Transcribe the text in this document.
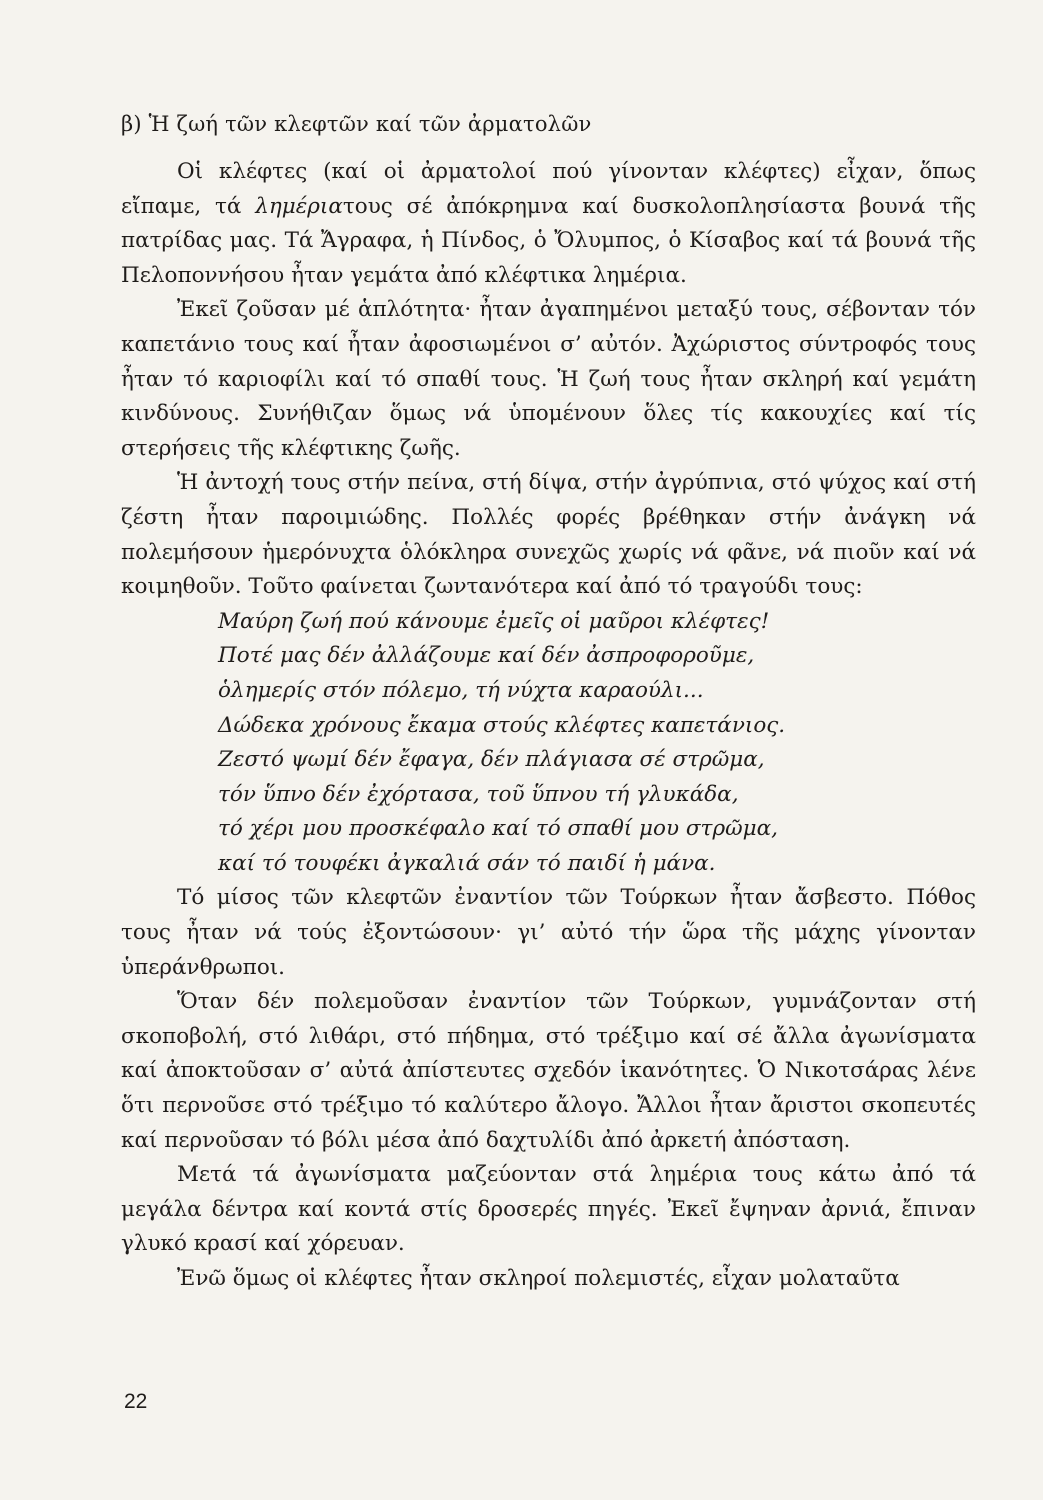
β) Ἡ ζωή τῶν κλεφτῶν καί τῶν ἀρματολῶν

Οἱ κλέφτες (καί οἱ ἀρματολοί πού γίνονταν κλέφτες) εἶχαν, ὅπως εἴπαμε, τά λημέριατους σέ ἀπόκρημνα καί δυσκολοπλησίαστα βουνά τῆς πατρίδας μας. Τά Ἄγραφα, ἡ Πίνδος, ὁ Ὄλυμπος, ὁ Κίσαβος καί τά βουνά τῆς Πελοποννήσου ἦταν γεμάτα ἀπό κλέφτικα λημέρια.

Ἐκεῖ ζοῦσαν μέ ἁπλότητα· ἦταν ἀγαπημένοι μεταξύ τους, σέβονταν τόν καπετάνιο τους καί ἦταν ἀφοσιωμένοι σ’ αὐτόν. Ἀχώριστος σύντροφός τους ἦταν τό καριοφίλι καί τό σπαθί τους. Ἡ ζωή τους ἦταν σκληρή καί γεμάτη κινδύνους. Συνήθιζαν ὅμως νά ὑπομένουν ὅλες τίς κακουχίες καί τίς στερήσεις τῆς κλέφτικης ζωῆς.

Ἡ ἀντοχή τους στήν πείνα, στή δίψα, στήν ἀγρύπνια, στό ψύχος καί στή ζέστη ἦταν παροιμιώδης. Πολλές φορές βρέθηκαν στήν ἀνάγκη νά πολεμήσουν ἡμερόνυχτα ὁλόκληρα συνεχῶς χωρίς νά φᾶνε, νά πιοῦν καί νά κοιμηθοῦν. Τοῦτο φαίνεται ζωντανότερα καί ἀπό τό τραγούδι τους:

Μαύρη ζωή πού κάνουμε ἐμεῖς οἱ μαῦροι κλέφτες!
Ποτέ μας δέν ἀλλάζουμε καί δέν ἀσπροφοροῦμε,
ὁλημερίς στόν πόλεμο, τή νύχτα καραούλι...
Δώδεκα χρόνους ἔκαμα στούς κλέφτες καπετάνιος.
Ζεστό ψωμί δέν ἔφαγα, δέν πλάγιασα σέ στρῶμα,
τόν ὕπνο δέν ἐχόρτασα, τοῦ ὕπνου τή γλυκάδα,
τό χέρι μου προσκέφαλο καί τό σπαθί μου στρῶμα,
καί τό τουφέκι ἀγκαλιά σάν τό παιδί ἡ μάνα.

Τό μίσος τῶν κλεφτῶν ἐναντίον τῶν Τούρκων ἦταν ἄσβεστο. Πόθος τους ἦταν νά τούς ἐξοντώσουν· γι’ αὐτό τήν ὥρα τῆς μάχης γίνονταν ὑπεράνθρωποι.

Ὅταν δέν πολεμοῦσαν ἐναντίον τῶν Τούρκων, γυμνάζονταν στή σκοποβολή, στό λιθάρι, στό πήδημα, στό τρέξιμο καί σέ ἄλλα ἀγωνίσματα καί ἀποκτοῦσαν σ’ αὐτά ἀπίστευτες σχεδόν ἱκανότητες. Ὁ Νικοτσάρας λένε ὅτι περνοῦσε στό τρέξιμο τό καλύτερο ἄλογο. Ἄλλοι ἦταν ἄριστοι σκοπευτές καί περνοῦσαν τό βόλι μέσα ἀπό δαχτυλίδι ἀπό ἀρκετή ἀπόσταση.

Μετά τά ἀγωνίσματα μαζεύονταν στά λημέρια τους κάτω ἀπό τά μεγάλα δέντρα καί κοντά στίς δροσερές πηγές. Ἐκεῖ ἔψηναν ἀρνιά, ἔπιναν γλυκό κρασί καί χόρευαν.

Ἐνῶ ὅμως οἱ κλέφτες ἦταν σκληροί πολεμιστές, εἶχαν μολαταῦτα

22
